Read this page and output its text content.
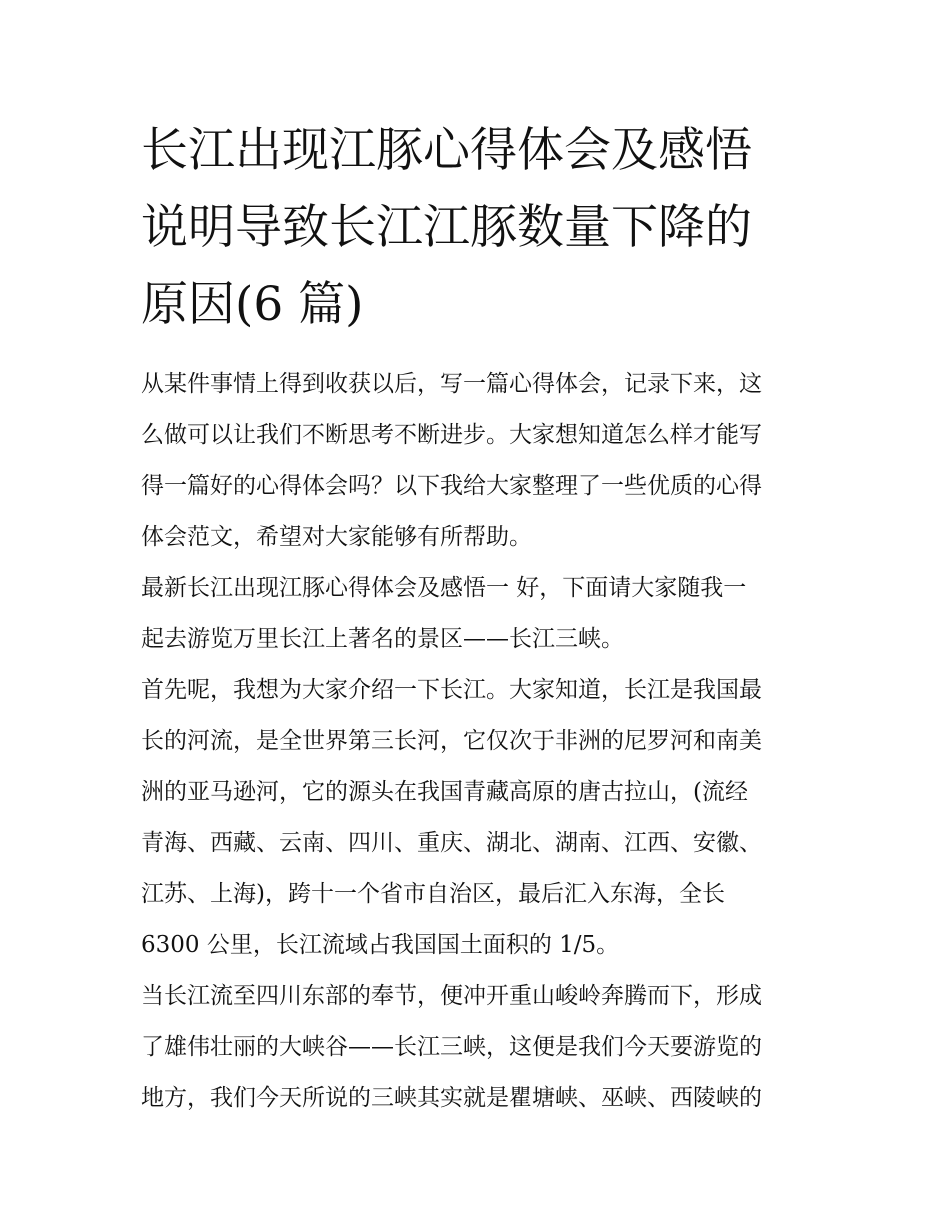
长江出现江豚心得体会及感悟
说明导致长江江豚数量下降的
原因(6 篇)

从某件事情上得到收获以后，写一篇心得体会，记录下来，这
么做可以让我们不断思考不断进步。大家想知道怎么样才能写
得一篇好的心得体会吗？以下我给大家整理了一些优质的心得
体会范文，希望对大家能够有所帮助。

最新长江出现江豚心得体会及感悟一 好，下面请大家随我一
起去游览万里长江上著名的景区——长江三峡。

首先呢，我想为大家介绍一下长江。大家知道，长江是我国最
长的河流，是全世界第三长河，它仅次于非洲的尼罗河和南美
洲的亚马逊河，它的源头在我国青藏高原的唐古拉山，(流经
青海、西藏、云南、四川、重庆、湖北、湖南、江西、安徽、
江苏、上海)，跨十一个省市自治区，最后汇入东海，全长
6300 公里，长江流域占我国国土面积的 1/5。

当长江流至四川东部的奉节，便冲开重山峻岭奔腾而下，形成
了雄伟壮丽的大峡谷——长江三峡，这便是我们今天要游览的
地方，我们今天所说的三峡其实就是瞿塘峡、巫峡、西陵峡的
